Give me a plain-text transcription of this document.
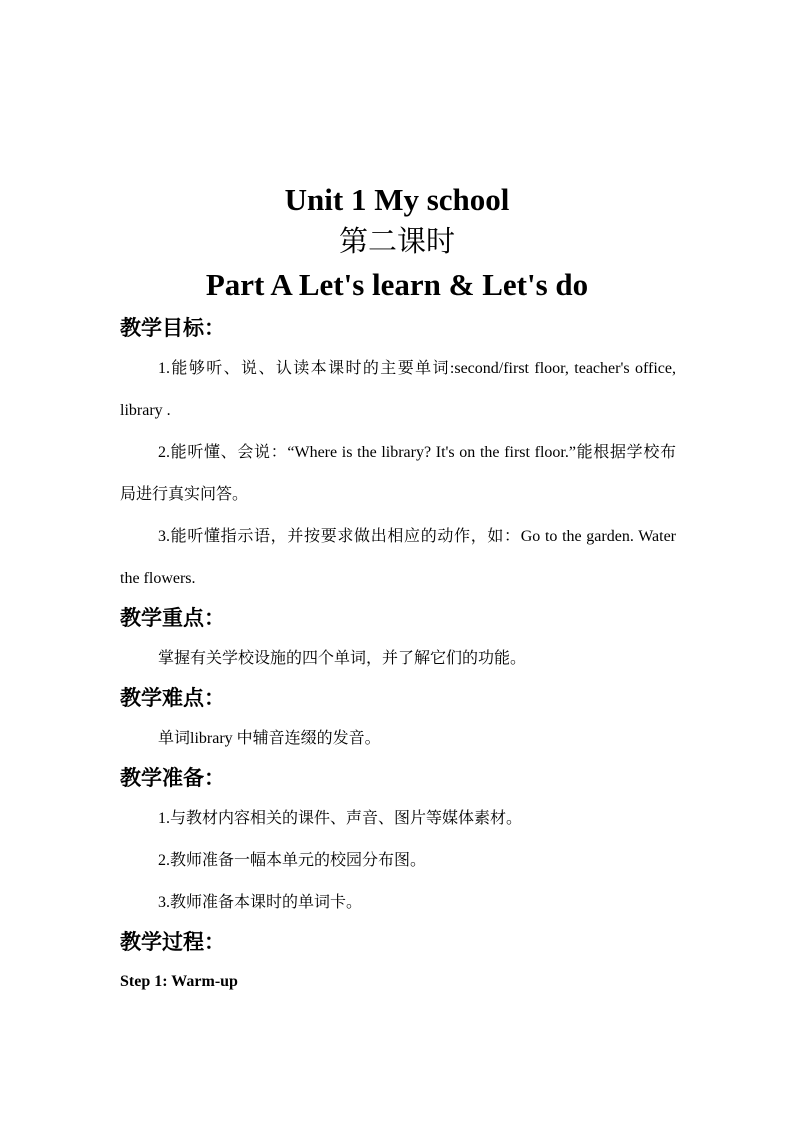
Unit 1 My school
第二课时
Part A Let's learn & Let's do

教学目标：

1.能够听、说、认读本课时的主要单词:second/first floor, teacher's office, library .

2.能听懂、会说：“Where is the library? It's on the first floor.”能根据学校布局进行真实问答。

3.能听懂指示语，并按要求做出相应的动作，如：Go to the garden. Water the flowers.

教学重点：

掌握有关学校设施的四个单词，并了解它们的功能。

教学难点：

单词library 中辅音连缀的发音。

教学准备：

1.与教材内容相关的课件、声音、图片等媒体素材。

2.教师准备一幅本单元的校园分布图。

3.教师准备本课时的单词卡。

教学过程：

Step 1: Warm-up
